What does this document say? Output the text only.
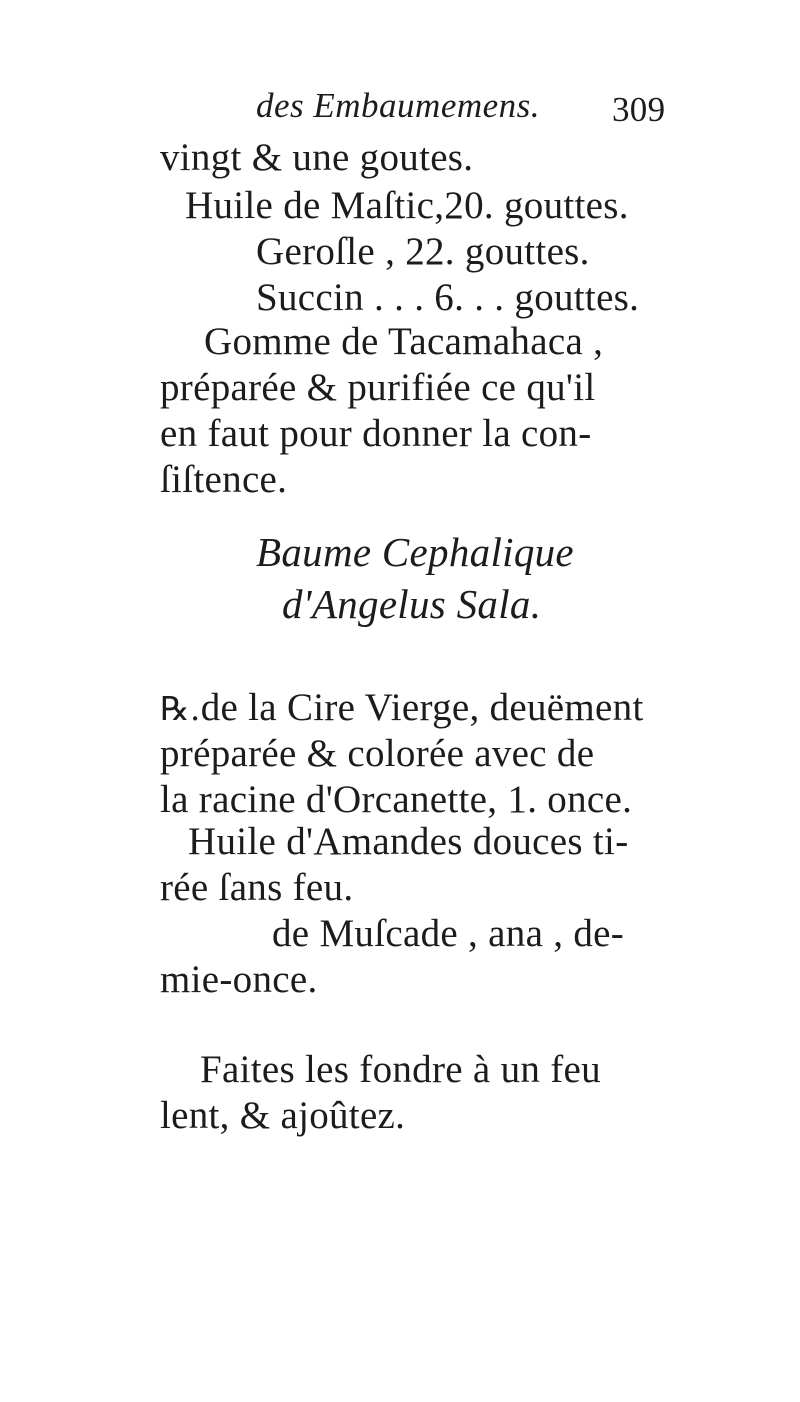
des Embaumemens. 309
vingt & une goutes.
Huile de Maſtic,20. gouttes.
Geroſle , 22. gouttes.
Succin . . . 6. . . gouttes.
Gomme de Tacamahaca ,
préparée & purifiée ce qu'il
en faut pour donner la con-
ſiſtence.
Baume Cephalique
d'Angelus Sala.
℞.de la Cire Vierge, deuëment
préparée & colorée avec de
la racine d'Orcanette, 1. once.
Huile d'Amandes douces ti-
rée ſans feu.
de Muſcade , ana , de-
mie-once.
Faites les fondre à un feu
lent, & ajoûtez.
